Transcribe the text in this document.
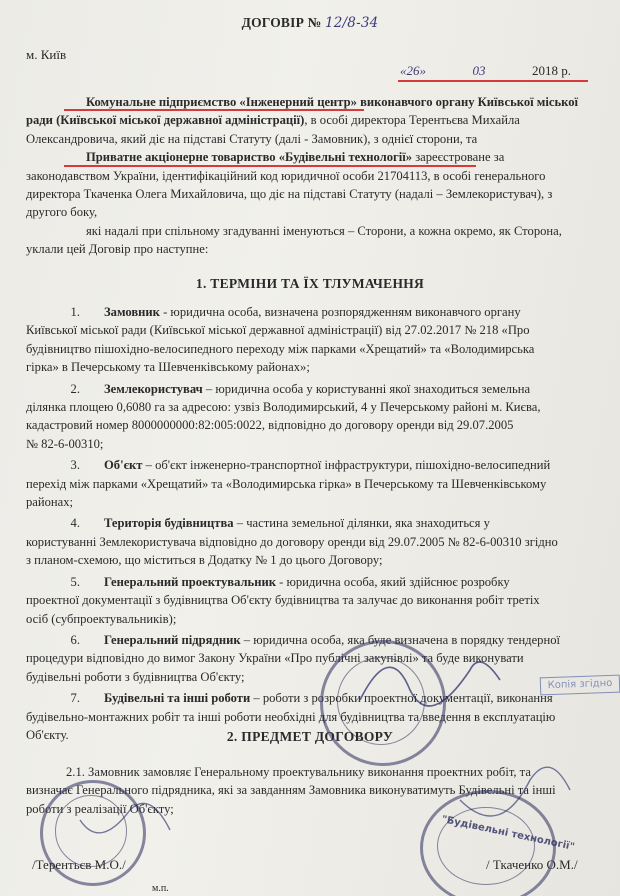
ДОГОВІР № 12/8-34
м. Київ
«26»	03	2018 р.
Комунальне підприємство «Інженерний центр» виконавчого органу Київської міської
ради (Київської міської державної адміністрації), в особі директора Терентьєва Михайла
Олександровича, який діє на підставі Статуту (далі - Замовник), з однієї сторони, та
Приватне акціонерне товариство «Будівельні технології» зареєстроване за
законодавством України, ідентифікаційний код юридичної особи 21704113, в особі генерального
директора Ткаченка Олега Михайловича, що діє на підставі Статуту (надалі – Землекористувач), з
другого боку,
які надалі при спільному згадуванні іменуються – Сторони, а кожна окремо, як Сторона,
уклали цей Договір про наступне:
1. ТЕРМІНИ ТА ЇХ ТЛУМАЧЕННЯ
1. Замовник - юридична особа, визначена розпорядженням виконавчого органу
Київської міської ради (Київської міської державної адміністрації) від 27.02.2017 № 218 «Про
будівництво пішохідно-велосипедного переходу між парками «Хрещатий» та «Володимирська
гірка» в Печерському та Шевченківському районах»;
2. Землекористувач – юридична особа у користуванні якої знаходиться земельна
ділянка площею 0,6080 га за адресою: узвіз Володимирський, 4 у Печерському районі м. Києва,
кадастровий номер 8000000000:82:005:0022, відповідно до договору оренди від 29.07.2005
№ 82-6-00310;
3. Об'єкт – об'єкт інженерно-транспортної інфраструктури, пішохідно-велосипедний
перехід між парками «Хрещатий» та «Володимирська гірка» в Печерському та Шевченківському
районах;
4. Територія будівництва – частина земельної ділянки, яка знаходиться у
користуванні Землекористувача відповідно до договору оренди від 29.07.2005 № 82-6-00310 згідно
з планом-схемою, що міститься в Додатку № 1 до цього Договору;
5. Генеральний проектувальник - юридична особа, який здійснює розробку
проектної документації з будівництва Об'єкту будівництва та залучає до виконання робіт третіх
осіб (субпроектувальників);
6. Генеральний підрядник – юридична особа, яка буде визначена в порядку тендерної
процедури відповідно до вимог Закону України «Про публічні закупівлі» та буде виконувати
будівельні роботи з будівництва Об'єкту;
7. Будівельні та інші роботи – роботи з розробки проектної документації, виконання
будівельно-монтажних робіт та інші роботи необхідні для будівництва та введення в експлуатацію
Об'єкту.	2. ПРЕДМЕТ ДОГОВОРУ
2.1. Замовник замовляє Генеральному проектувальнику виконання проектних робіт, та
визначає Генерального підрядника, які за завданням Замовника виконуватимуть Будівельні та інші
роботи з реалізації Об'єкту;
Копія згідно
"Будівельні технології"
/Терентьєв М.О./
м.п.
/ Ткаченко О.М./
